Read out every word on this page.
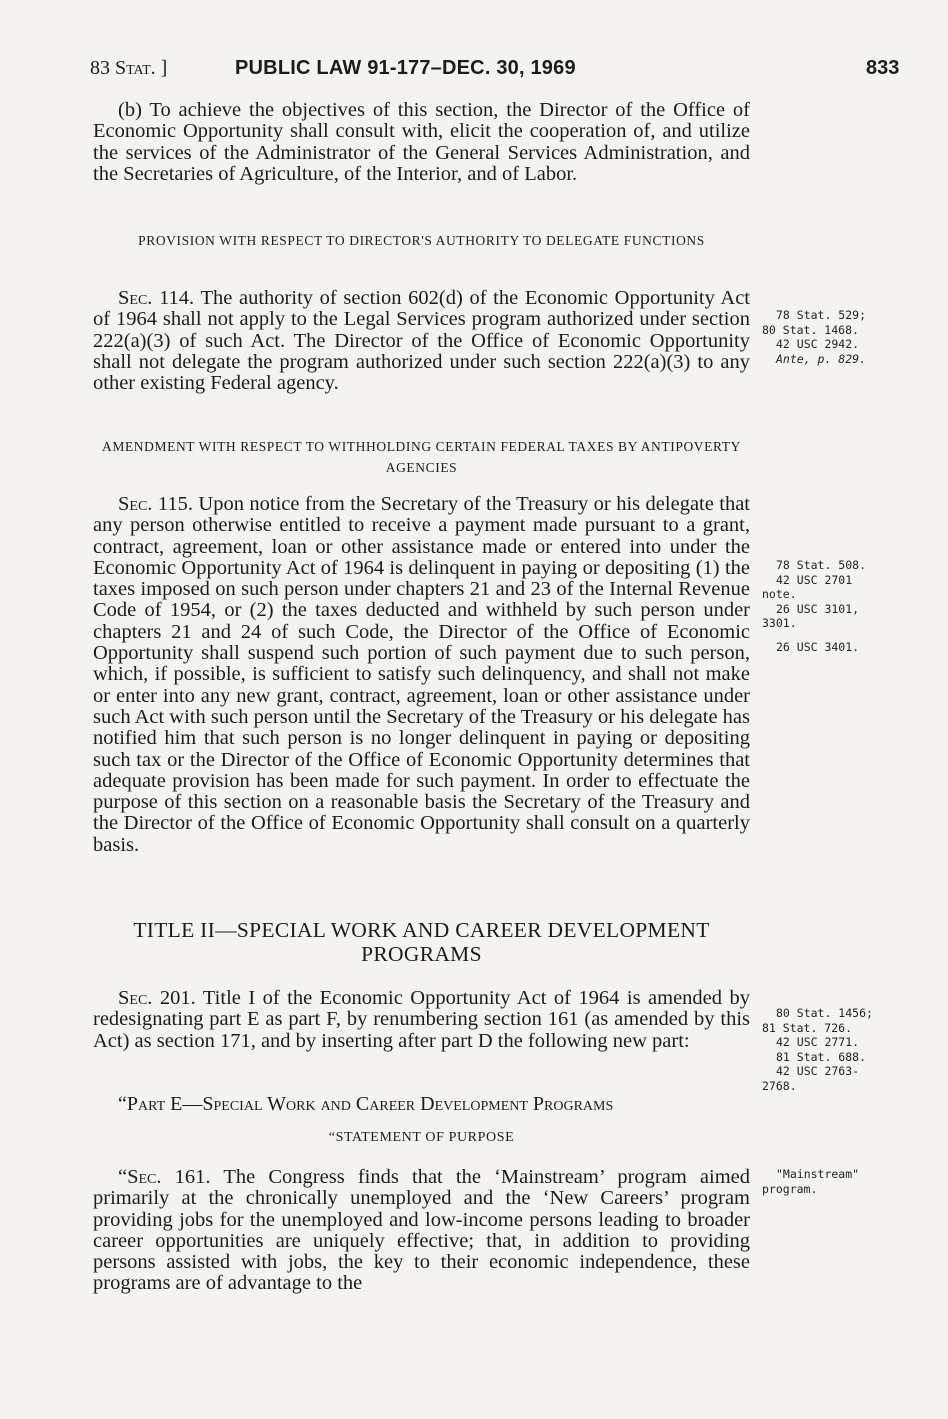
83 Stat. ]	PUBLIC LAW 91-177–DEC. 30, 1969	833

(b) To achieve the objectives of this section, the Director of the Office of Economic Opportunity shall consult with, elicit the cooperation of, and utilize the services of the Administrator of the General Services Administration, and the Secretaries of Agriculture, of the Interior, and of Labor.

PROVISION WITH RESPECT TO DIRECTOR'S AUTHORITY TO DELEGATE FUNCTIONS

Sec. 114. The authority of section 602(d) of the Economic Opportunity Act of 1964 shall not apply to the Legal Services program authorized under section 222(a)(3) of such Act. The Director of the Office of Economic Opportunity shall not delegate the program authorized under such section 222(a)(3) to any other existing Federal agency.

AMENDMENT WITH RESPECT TO WITHHOLDING CERTAIN FEDERAL TAXES BY ANTIPOVERTY AGENCIES

Sec. 115. Upon notice from the Secretary of the Treasury or his delegate that any person otherwise entitled to receive a payment made pursuant to a grant, contract, agreement, loan or other assistance made or entered into under the Economic Opportunity Act of 1964 is delinquent in paying or depositing (1) the taxes imposed on such person under chapters 21 and 23 of the Internal Revenue Code of 1954, or (2) the taxes deducted and withheld by such person under chapters 21 and 24 of such Code, the Director of the Office of Economic Opportunity shall suspend such portion of such payment due to such person, which, if possible, is sufficient to satisfy such delinquency, and shall not make or enter into any new grant, contract, agreement, loan or other assistance under such Act with such person until the Secretary of the Treasury or his delegate has notified him that such person is no longer delinquent in paying or depositing such tax or the Director of the Office of Economic Opportunity determines that adequate provision has been made for such payment. In order to effectuate the purpose of this section on a reasonable basis the Secretary of the Treasury and the Director of the Office of Economic Opportunity shall consult on a quarterly basis.

TITLE II—SPECIAL WORK AND CAREER DEVELOPMENT PROGRAMS

Sec. 201. Title I of the Economic Opportunity Act of 1964 is amended by redesignating part E as part F, by renumbering section 161 (as amended by this Act) as section 171, and by inserting after part D the following new part:

“Part E—Special Work and Career Development Programs
“STATEMENT OF PURPOSE

“Sec. 161. The Congress finds that the ‘Mainstream’ program aimed primarily at the chronically unemployed and the ‘New Careers’ program providing jobs for the unemployed and low-income persons leading to broader career opportunities are uniquely effective; that, in addition to providing persons assisted with jobs, the key to their economic independence, these programs are of advantage to the

78 Stat. 529;
80 Stat. 1468.
42 USC 2942.
Ante, p. 829.
78 Stat. 508.
42 USC 2701
note.
26 USC 3101,
3301.
26 USC 3401.
80 Stat. 1456;
81 Stat. 726.
42 USC 2771.
81 Stat. 688.
42 USC 2763-
2768.
"Mainstream"
program.
